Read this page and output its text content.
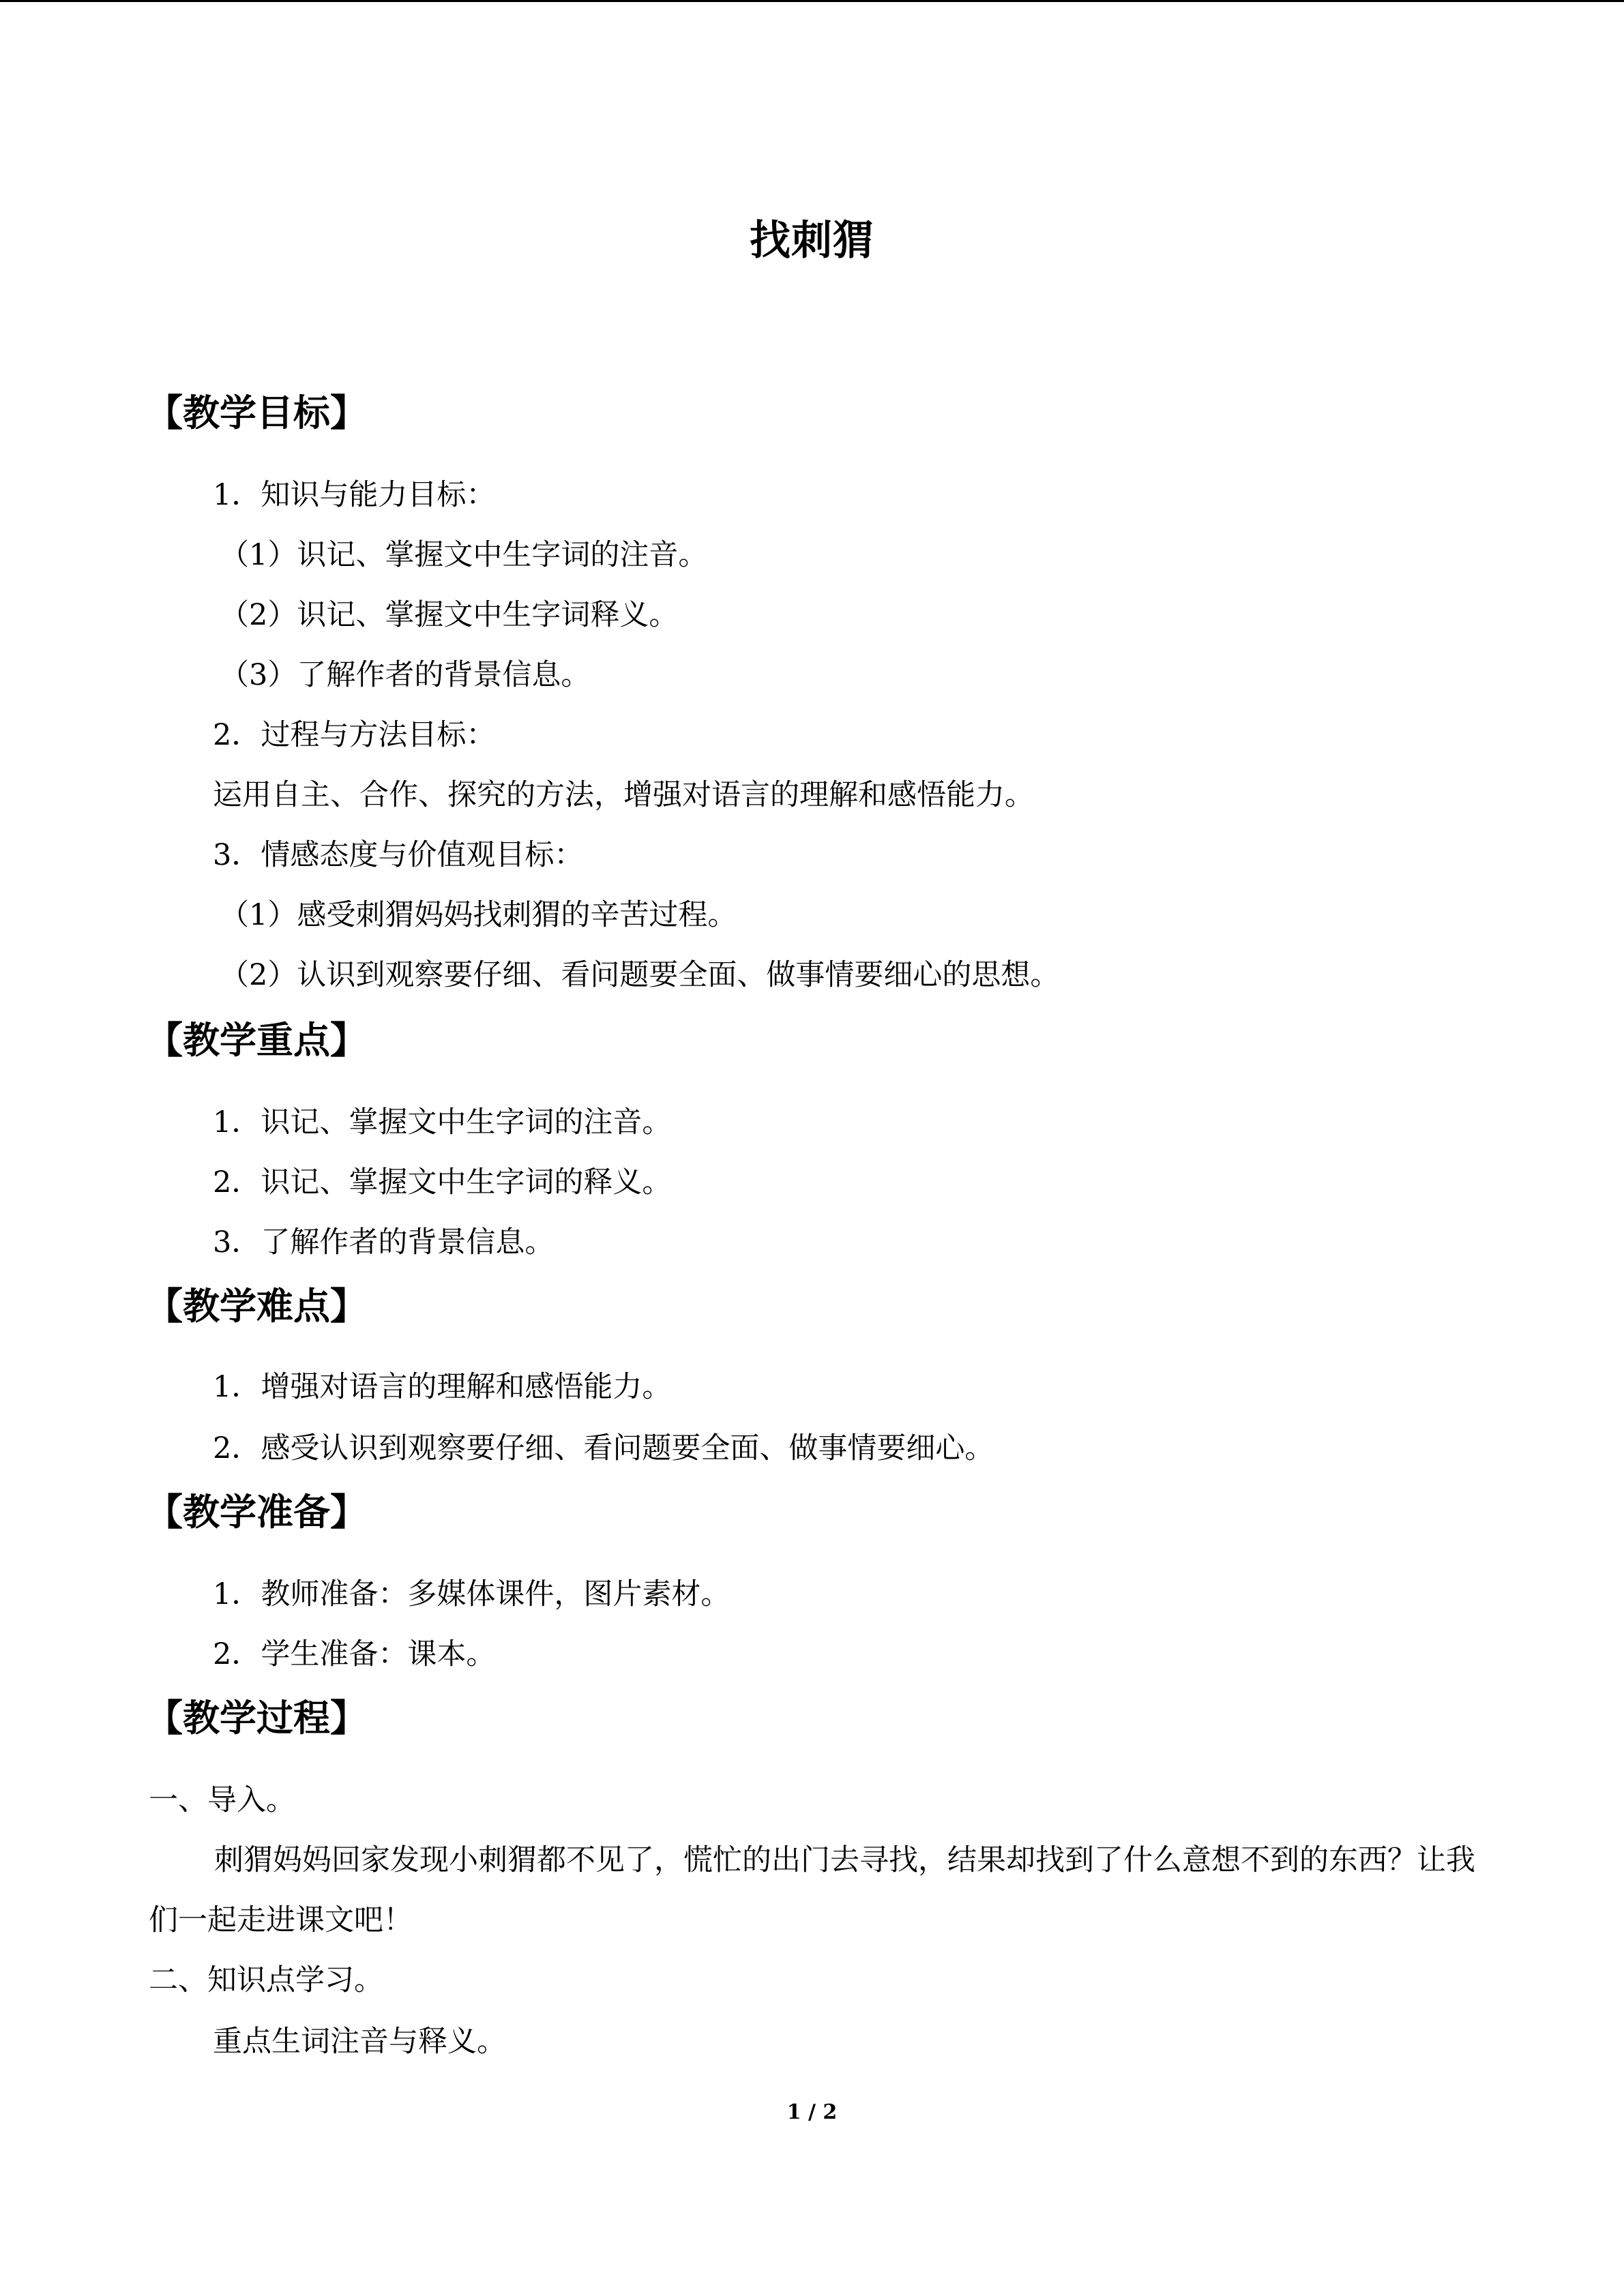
找刺猬
【教学目标】
1．知识与能力目标：
（1）识记、掌握文中生字词的注音。
（2）识记、掌握文中生字词释义。
（3）了解作者的背景信息。
2．过程与方法目标：
运用自主、合作、探究的方法，增强对语言的理解和感悟能力。
3．情感态度与价值观目标：
（1）感受刺猬妈妈找刺猬的辛苦过程。
（2）认识到观察要仔细、看问题要全面、做事情要细心的思想。
【教学重点】
1．识记、掌握文中生字词的注音。
2．识记、掌握文中生字词的释义。
3．了解作者的背景信息。
【教学难点】
1．增强对语言的理解和感悟能力。
2．感受认识到观察要仔细、看问题要全面、做事情要细心。
【教学准备】
1．教师准备：多媒体课件，图片素材。
2．学生准备：课本。
【教学过程】
一、导入。
刺猬妈妈回家发现小刺猬都不见了，慌忙的出门去寻找，结果却找到了什么意想不到的东西？让我们一起走进课文吧！
二、知识点学习。
重点生词注音与释义。
1 / 2
